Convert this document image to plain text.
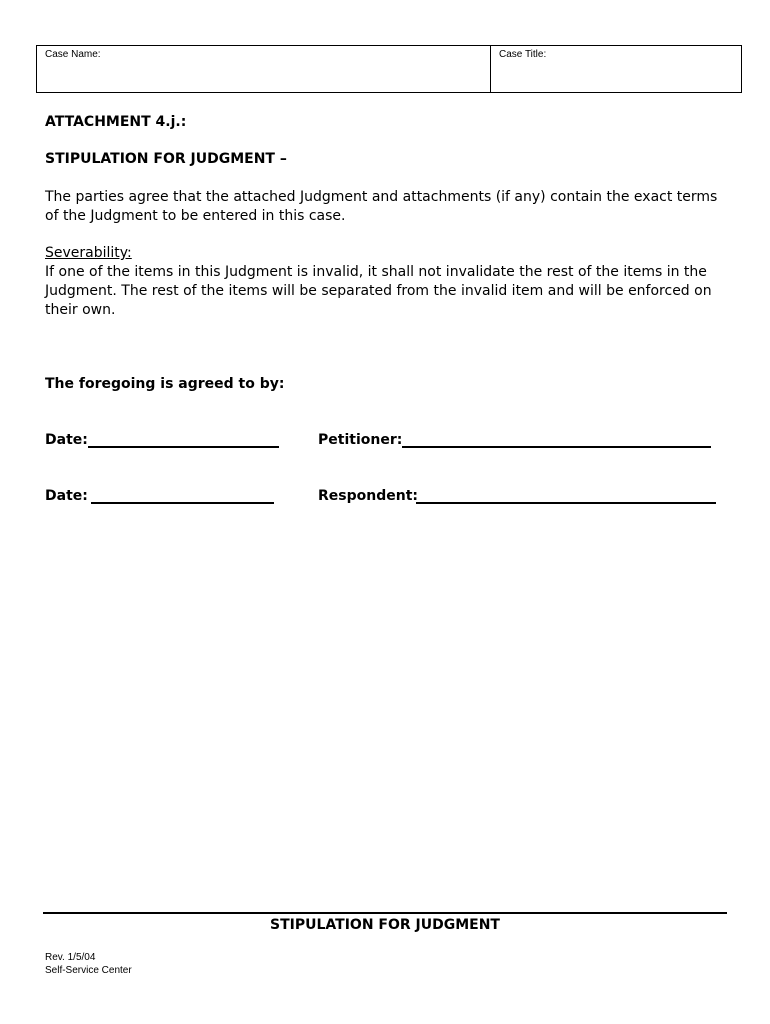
Case Name:	Case Title:
ATTACHMENT 4.j.:
STIPULATION FOR JUDGMENT –
The parties agree that the attached Judgment and attachments (if any) contain the exact terms of the Judgment to be entered in this case.
Severability:
If one of the items in this Judgment is invalid, it shall not invalidate the rest of the items in the Judgment. The rest of the items will be separated from the invalid item and will be enforced on their own.
The foregoing is agreed to by:
Date:	Petitioner:
Date:	Respondent:
STIPULATION FOR JUDGMENT
Rev. 1/5/04
Self-Service Center
